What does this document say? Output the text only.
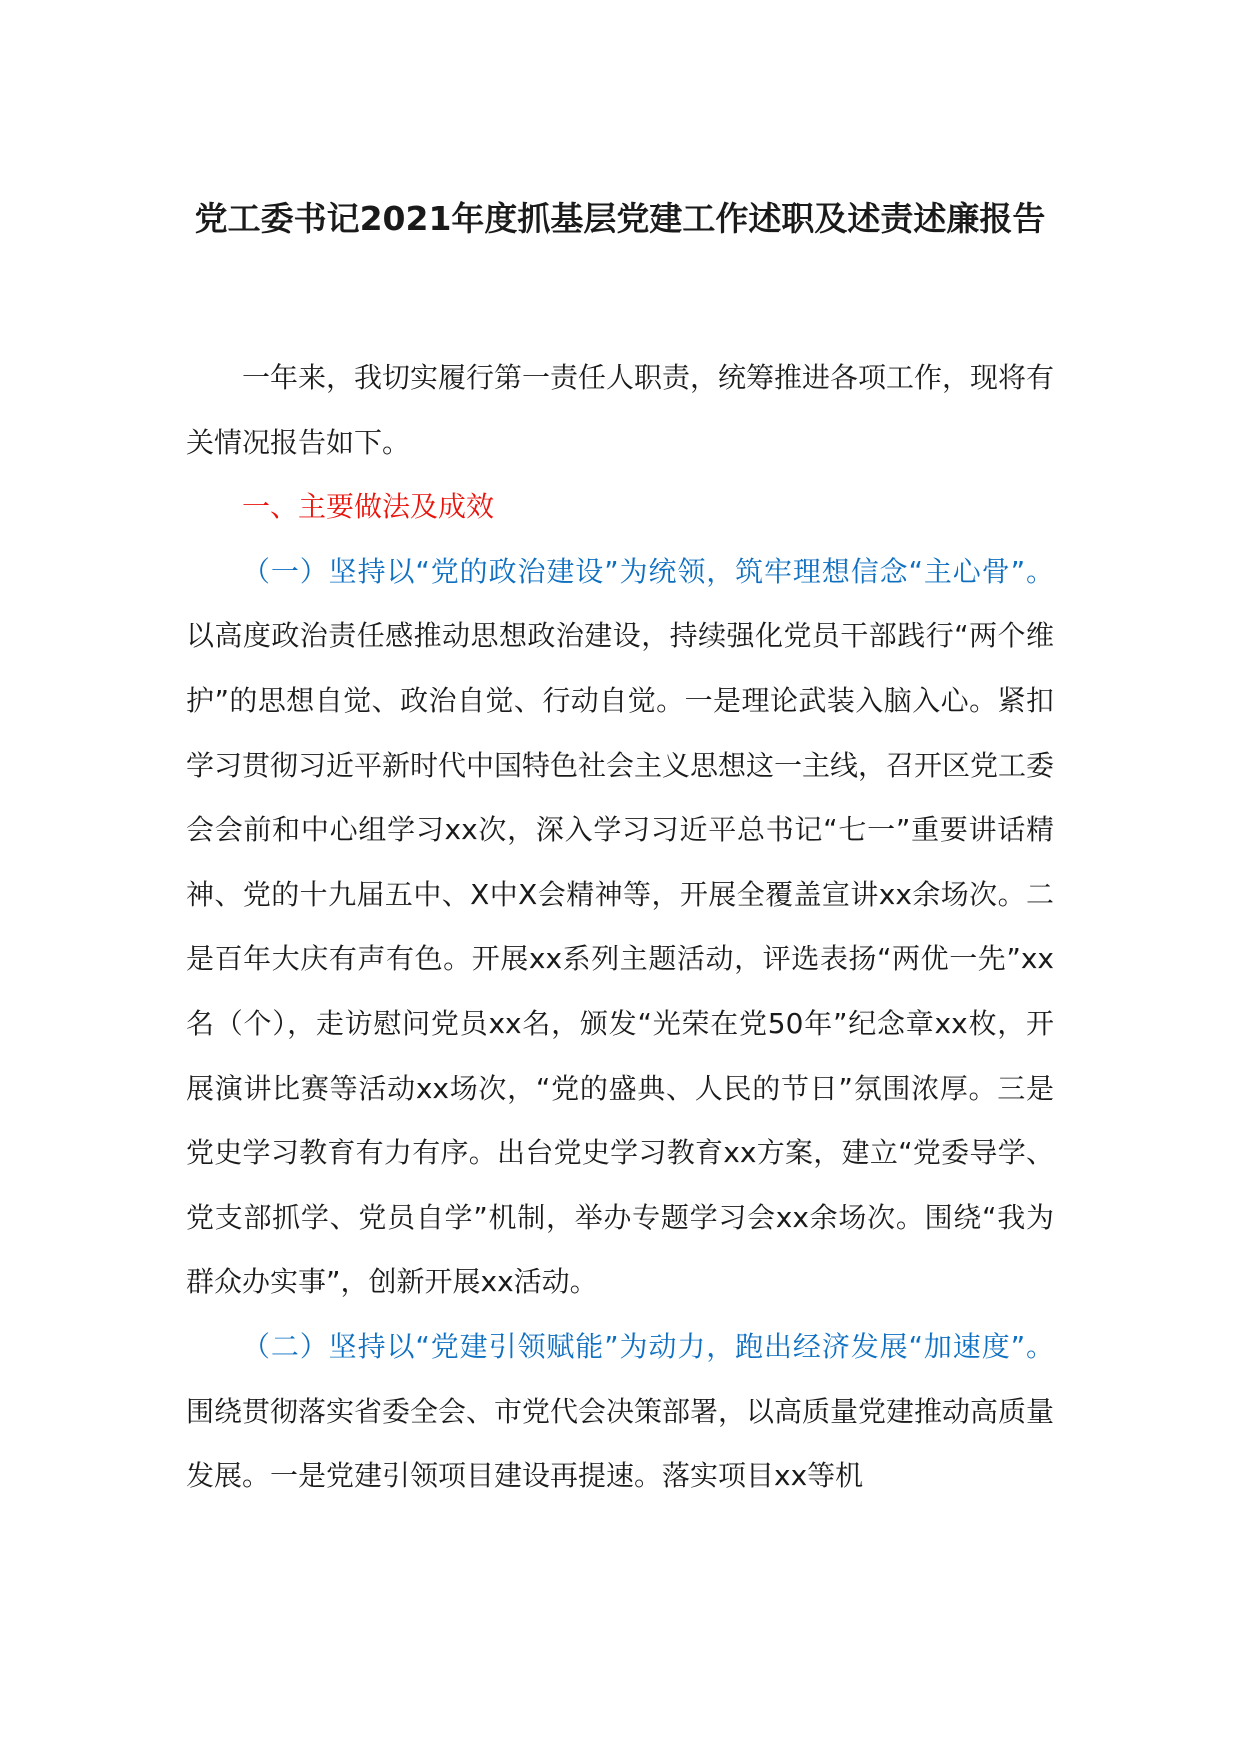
党工委书记2021年度抓基层党建工作述职及述责述廉报告

一年来，我切实履行第一责任人职责，统筹推进各项工作，现将有关情况报告如下。

一、主要做法及成效

（一）坚持以“党的政治建设”为统领，筑牢理想信念“主心骨”。以高度政治责任感推动思想政治建设，持续强化党员干部践行“两个维护”的思想自觉、政治自觉、行动自觉。一是理论武装入脑入心。紧扣学习贯彻习近平新时代中国特色社会主义思想这一主线，召开区党工委会会前和中心组学习xx次，深入学习习近平总书记“七一”重要讲话精神、党的十九届五中、X中X会精神等，开展全覆盖宣讲xx余场次。二是百年大庆有声有色。开展xx系列主题活动，评选表扬“两优一先”xx名（个），走访慰问党员xx名，颁发“光荣在党50年”纪念章xx枚，开展演讲比赛等活动xx场次，“党的盛典、人民的节日”氛围浓厚。三是党史学习教育有力有序。出台党史学习教育xx方案，建立“党委导学、党支部抓学、党员自学”机制，举办专题学习会xx余场次。围绕“我为群众办实事”，创新开展xx活动。

（二）坚持以“党建引领赋能”为动力，跑出经济发展“加速度”。围绕贯彻落实省委全会、市党代会决策部署，以高质量党建推动高质量发展。一是党建引领项目建设再提速。落实项目xx等机
